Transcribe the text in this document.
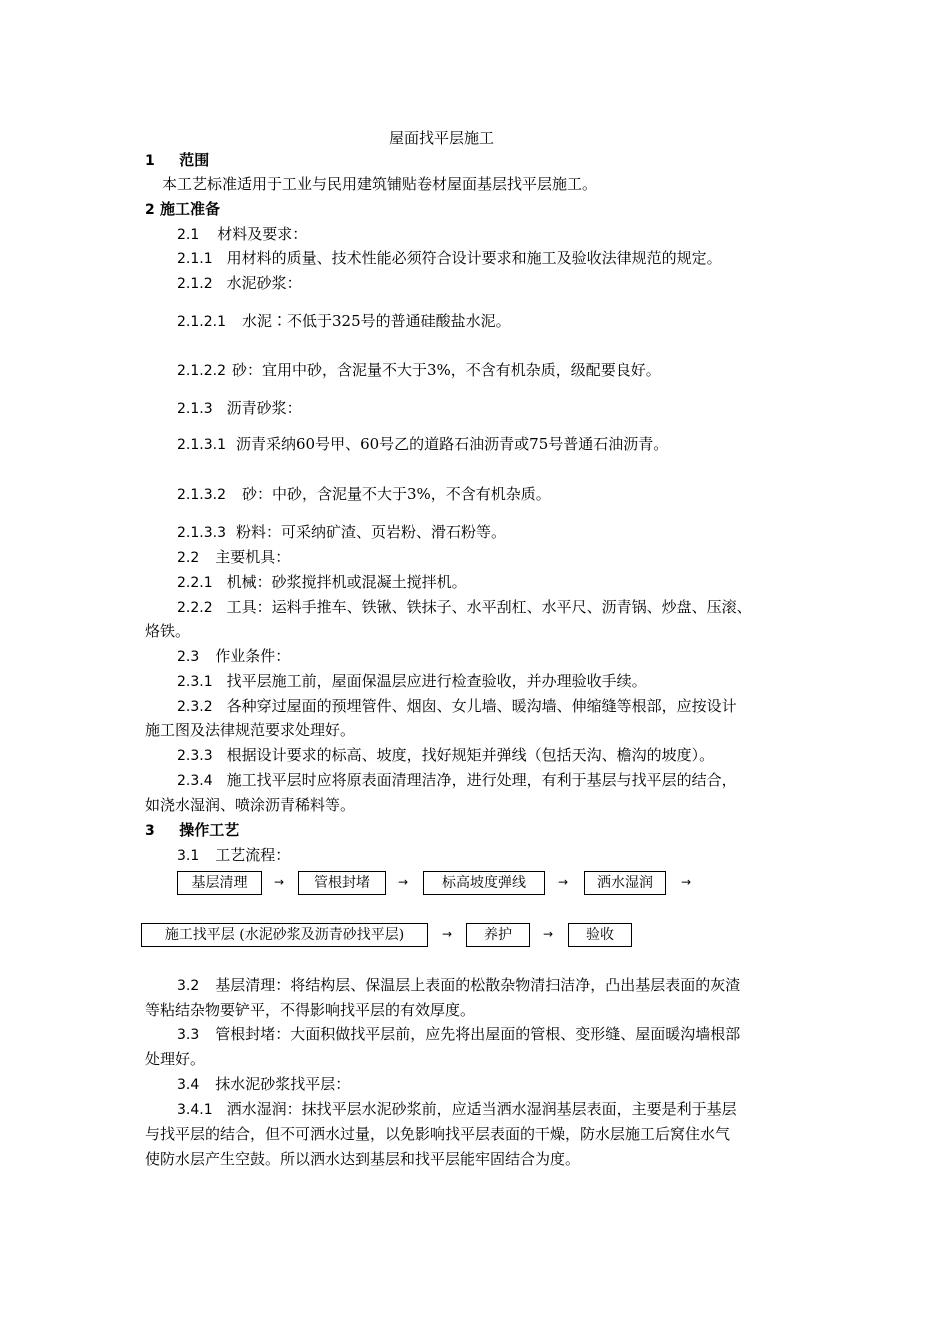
屋面找平层施工
1 范围
本工艺标准适用于工业与民用建筑铺贴卷材屋面基层找平层施工。
2 施工准备
2.1 材料及要求：
2.1.1 用材料的质量、技术性能必须符合设计要求和施工及验收法律规范的规定。
2.1.2 水泥砂浆：
2.1.2.1 水泥∶不低于325号的普通硅酸盐水泥。
2.1.2.2 砂：宜用中砂，含泥量不大于3%，不含有机杂质，级配要良好。
2.1.3 沥青砂浆：
2.1.3.1 沥青采纳60号甲、60号乙的道路石油沥青或75号普通石油沥青。
2.1.3.2 砂：中砂，含泥量不大于3%，不含有机杂质。
2.1.3.3 粉料：可采纳矿渣、页岩粉、滑石粉等。
2.2 主要机具：
2.2.1 机械：砂浆搅拌机或混凝土搅拌机。
2.2.2 工具：运料手推车、铁锹、铁抹子、水平刮杠、水平尺、沥青锅、炒盘、压滚、
烙铁。
2.3 作业条件：
2.3.1 找平层施工前，屋面保温层应进行检查验收，并办理验收手续。
2.3.2 各种穿过屋面的预埋管件、烟囱、女儿墙、暖沟墙、伸缩缝等根部，应按设计
施工图及法律规范要求处理好。
2.3.3 根据设计要求的标高、坡度，找好规矩并弹线（包括天沟、檐沟的坡度）。
2.3.4 施工找平层时应将原表面清理洁净，进行处理，有利于基层与找平层的结合，
如浇水湿润、喷涂沥青稀料等。
3 操作工艺
3.1 工艺流程：
基层清理	→	管根封堵	→	标高坡度弹线	→	洒水湿润	→
施工找平层 (水泥砂浆及沥青砂找平层)	→	养护	→	验收
3.2 基层清理：将结构层、保温层上表面的松散杂物清扫洁净，凸出基层表面的灰渣
等粘结杂物要铲平，不得影响找平层的有效厚度。
3.3 管根封堵：大面积做找平层前，应先将出屋面的管根、变形缝、屋面暖沟墙根部
处理好。
3.4 抹水泥砂浆找平层：
3.4.1 洒水湿润：抹找平层水泥砂浆前，应适当洒水湿润基层表面，主要是利于基层
与找平层的结合，但不可洒水过量，以免影响找平层表面的干燥，防水层施工后窝住水气
使防水层产生空鼓。所以洒水达到基层和找平层能牢固结合为度。
